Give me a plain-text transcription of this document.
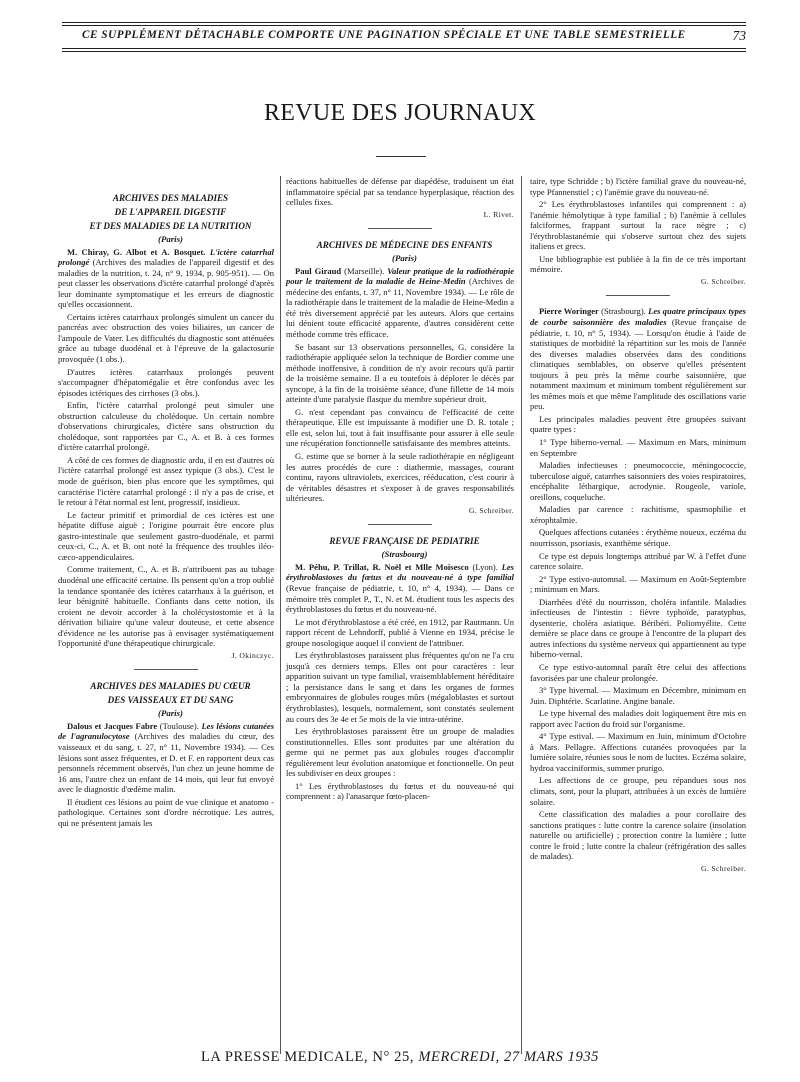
CE SUPPLÉMENT DÉTACHABLE COMPORTE UNE PAGINATION SPÉCIALE ET UNE TABLE SEMESTRIELLE	73
REVUE DES JOURNAUX

ARCHIVES DES MALADIES

DE L'APPAREIL DIGESTIF

ET DES MALADIES DE LA NUTRITION

(Paris)

M. Chiray, G. Albot et A. Bosquet. L'ictère catarrhal prolongé (Archives des maladies de l'appareil digestif et des maladies de la nutrition, t. 24, n° 9, 1934, p. 905-951). — On peut classer les observations d'ictère catarrhal prolongé d'après leur dominante symptomatique et les erreurs de diagnostic qu'elles occasionnent.

Certains ictères catarrhaux prolongés simulent un cancer du pancréas avec obstruction des voies biliaires, un cancer de l'ampoule de Vater. Les difficultés du diagnostic sont atténuées grâce au tubage duodénal et à l'épreuve de la galactosurie provoquée (1 obs.).

D'autres ictères catarrhaux prolongés peuvent s'accompagner d'hépatomégalie et être confondus avec les épisodes ictériques des cirrhoses (3 obs.).

Enfin, l'ictère catarrhal prolongé peut simuler une obstruction calculeuse du cholédoque. Un certain nombre d'observations chirurgicales, d'ictère sans obstruction du cholédoque, sont rapportées par C., A. et B. à ces formes d'ictère catarrhal prolongé.

A côté de ces formes de diagnostic ardu, il en est d'autres où l'ictère catarrhal prolongé est assez typique (3 obs.). C'est le mode de guérison, bien plus encore que les symptômes, qui caractérise l'ictère catarrhal prolongé : il n'y a pas de crise, et le retour à l'état normal est lent, progressif, insidieux.

Le facteur primitif et primordial de ces ictères est une hépatite diffuse aiguë ; l'origine pourrait être encore plus gastro-intestinale que seulement gastro-duodénale, et parmi ceux-ci, C., A. et B. ont noté la fréquence des troubles iléo-cæco-appendiculaires.

Comme traitement, C., A. et B. n'attribuent pas au tubage duodénal une efficacité certaine. Ils pensent qu'on a trop oublié la tendance spontanée des ictères catarrhaux à la guérison, et leur bénignité habituelle. Confiants dans cette notion, ils croient ne devoir accorder à la cholécystostomie et à la dérivation biliaire qu'une valeur douteuse, et cette absence d'évidence ne les autorise pas à envisager systématiquement l'opportunité d'une thérapeutique chirurgicale.

J. Okinczyc.

ARCHIVES DES MALADIES DU CŒUR

DES VAISSEAUX ET DU SANG

(Paris)

Dalous et Jacques Fabre (Toulouse). Les lésions cutanées de l'agranulocytose (Archives des maladies du cœur, des vaisseaux et du sang, t. 27, n° 11, Novembre 1934). — Ces lésions sont assez fréquentes, et D. et F. en rapportent deux cas personnels récemment observés, l'un chez un jeune homme de 16 ans, l'autre chez un enfant de 14 mois, qui leur fut envoyé avec le diagnostic d'œdème malin.

Il étudient ces lésions au point de vue clinique et anatomo - pathologique. Certaines sont d'ordre nécrotique. Les autres, qui ne présentent jamais les

réactions habituelles de défense par diapédèse, traduisent un état inflammatoire spécial par sa tendance hyperplasique, réaction des cellules fixes.

L. Rivet.

ARCHIVES DE MÉDECINE DES ENFANTS

(Paris)

Paul Giraud (Marseille). Valeur pratique de la radiothérapie pour le traitement de la maladie de Heine-Medin (Archives de médecine des enfants, t. 37, n° 11, Novembre 1934). — Le rôle de la radiothérapie dans le traitement de la maladie de Heine-Medin a été très diversement apprécié par les auteurs. Alors que certains lui dénient toute efficacité apparente, d'autres considèrent cette méthode comme très efficace.

Se basant sur 13 observations personnelles, G. considère la radiothérapie appliquée selon la technique de Bordier comme une méthode inoffensive, à condition de n'y avoir recours qu'à partir de la troisième semaine. Il a eu toutefois à déplorer le décès par syncope, à la fin de la troisième séance, d'une fillette de 14 mois atteinte d'une paralysie flasque du membre supérieur droit.

G. n'est cependant pas convaincu de l'efficacité de cette thérapeutique. Elle est impuissante à modifier une D. R. totale ; elle est, selon lui, tout à fait insuffisante pour assurer à elle seule une récupération fonctionnelle satisfaisante des membres atteints.

G. estime que se borner à la seule radiothérapie en négligeant les autres procédés de cure : diathermie, massages, courant continu, rayons ultraviolets, exercices, rééducation, c'est courir à de véritables désastres et s'exposer à de graves responsabilités ultérieures.

G. Schreiber.

REVUE FRANÇAISE DE PEDIATRIE

(Strasbourg)

M. Péhu, P. Trillat, R. Noël et Mlle Moisesco (Lyon). Les érythroblastoses du fœtus et du nouveau-né à type familial (Revue française de pédiatrie, t. 10, n° 4, 1934). — Dans ce mémoire très complet P., T., N. et M. étudient tous les aspects des érythroblastoses du fœtus et du nouveau-né.

Le mot d'érythroblastose a été créé, en 1912, par Rautmann. Un rapport récent de Lehndorff, publié à Vienne en 1934, précise le groupe nosologique auquel il convient de l'attribuer.

Les érythroblastoses paraissent plus fréquentes qu'on ne l'a cru jusqu'à ces derniers temps. Elles ont pour caractères : leur apparition suivant un type familial, vraisemblablement héréditaire ; la persistance dans le sang et dans les organes de formes embryonnaires de globules rouges mûrs (mégaloblastes et surtout érythroblastes), lesquels, normalement, sont constatés seulement au cours des 3e 4e et 5e mois de la vie intra-utérine.

Les érythroblastoses paraissent être un groupe de maladies constitutionnelles. Elles sont produites par une altération du germe qui ne permet pas aux globules rouges d'accomplir régulièrement leur évolution anatomique et fonctionnelle. On peut les subdiviser en deux groupes :

1° Les érythroblastoses du fœtus et du nouveau-né qui comprennent : a) l'anasarque fœto-placen-

taire, type Schridde ; b) l'ictère familial grave du nouveau-né, type Pfannenstiel ; c) l'anémie grave du nouveau-né.

2° Les érythroblastoses infantiles qui comprennent : a) l'anémie hémolytique à type familial ; b) l'anémie à cellules falciformes, frappant surtout la race nègre ; c) l'érythroblastanémie qui s'observe surtout chez des sujets italiens et grecs.

Une bibliographie est publiée à la fin de ce très important mémoire.

G. Schreiber.

Pierre Woringer (Strasbourg). Les quatre principaux types de courbe saisonnière des maladies (Revue française de pédiatrie, t. 10, n° 5, 1934). — Lorsqu'on étudie à l'aide de statistiques de morbidité la répartition sur les mois de l'année des diverses maladies observées dans des conditions climatiques semblables, on observe qu'elles présentent toujours à peu près la même courbe saisonnière, que notamment maximum et minimum tombent régulièrement sur les mêmes mois et que même l'amplitude des oscillations varie peu.

Les principales maladies peuvent être groupées suivant quatre types :

1° Type hiberno-vernal. — Maximum en Mars, minimum en Septembre

Maladies infectieuses : pneumococcie, méningococcie, tuberculose aiguë, catarrhes saisonniers des voies respiratoires, encéphalite léthargique, acrodynie. Rougeole, variole, oreillons, coqueluche.

Maladies par carence : rachitisme, spasmophilie et xérophtalmie.

Quelques affections cutanées : érythème noueux, eczéma du nourrisson, psoriasis, exanthème sérique.

Ce type est depuis longtemps attribué par W. à l'effet d'une carence solaire.

2° Type estivo-automnal. — Maximum en Août-Septembre ; minimum en Mars.

Diarrhées d'été du nourrisson, choléra infantile. Maladies infectieuses de l'intestin : fièvre typhoïde, paratyphus, dysenterie, choléra asiatique. Béribéri. Poliomyélite. Cette dernière se place dans ce groupe à l'encontre de la plupart des autres infections du système nerveux qui appartiennent au type hiberno-vernal.

Ce type estivo-automnal paraît être celui des affections favorisées par une chaleur prolongée.

3° Type hivernal. — Maximum en Décembre, minimum en Juin. Diphtérie. Scarlatine. Angine banale.

Le type hivernal des maladies doit logiquement être mis en rapport avec l'action du froid sur l'organisme.

4° Type estival. — Maximum en Juin, minimum d'Octobre à Mars. Pellagre. Affections cutanées provoquées par la lumière solaire, réunies sous le nom de lucites. Eczéma solaire, hydroa vacciniformis, summer prurigo.

Les affections de ce groupe, peu répandues sous nos climats, sont, pour la plupart, attribuées à un excès de lumière solaire.

Cette classification des maladies a pour corollaire des sanctions pratiques : lutte contre la carence solaire (insolation naturelle ou artificielle) ; protection contre la lumière ; lutte contre le froid ; lutte contre la chaleur (réfrigération des salles de malades).

G. Schreiber.

LA PRESSE MEDICALE, N° 25, MERCREDI, 27 MARS 1935
